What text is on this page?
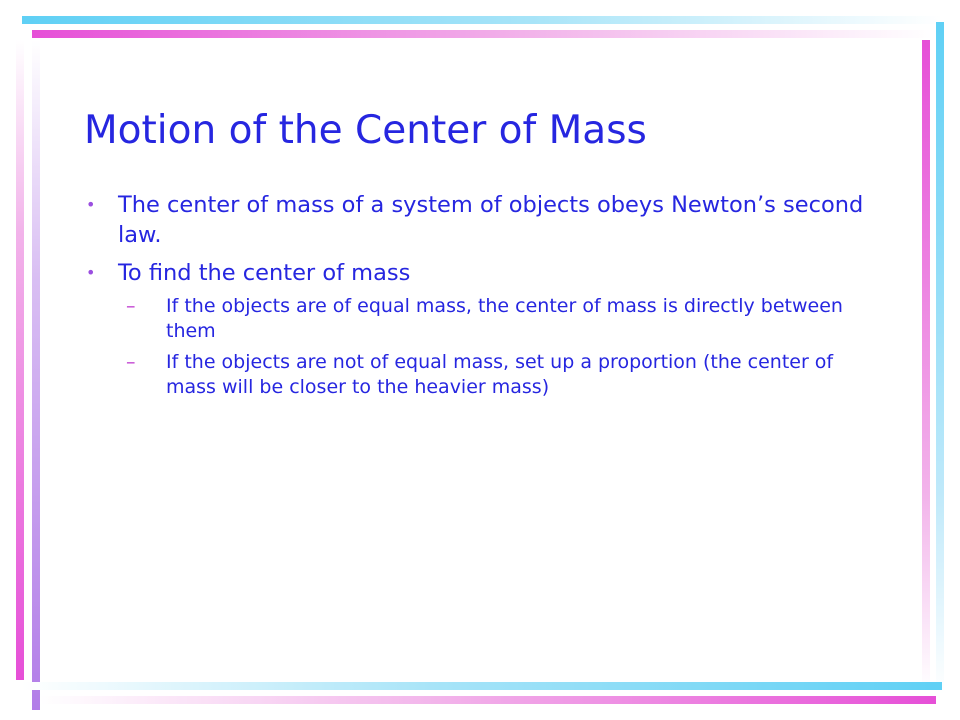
Motion of the Center of Mass
• The center of mass of a system of objects obeys Newton’s second law.
• To find the center of mass
– If the objects are of equal mass, the center of mass is directly between them
– If the objects are not of equal mass, set up a proportion (the center of mass will be closer to the heavier mass)
